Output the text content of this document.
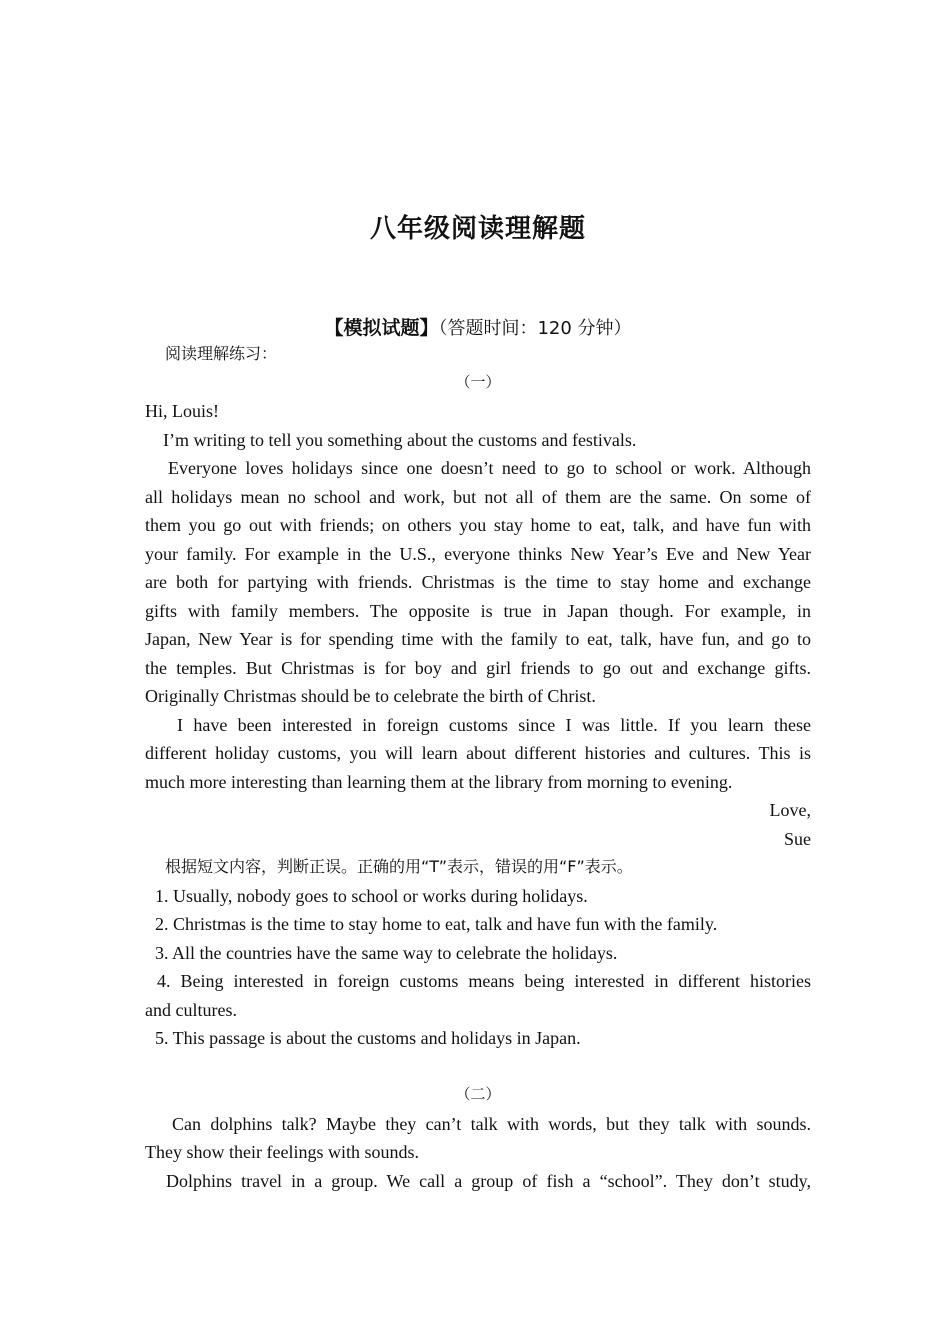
八年级阅读理解题
【模拟试题】（答题时间：120 分钟）
阅读理解练习：
（一）
Hi, Louis!
I’m writing to tell you something about the customs and festivals.
Everyone loves holidays since one doesn’t need to go to school or work. Although
all holidays mean no school and work, but not all of them are the same. On some of
them you go out with friends; on others you stay home to eat, talk, and have fun with
your family. For example in the U.S., everyone thinks New Year’s Eve and New Year
are both for partying with friends. Christmas is the time to stay home and exchange
gifts with family members. The opposite is true in Japan though. For example, in
Japan, New Year is for spending time with the family to eat, talk, have fun, and go to
the temples. But Christmas is for boy and girl friends to go out and exchange gifts.
Originally Christmas should be to celebrate the birth of Christ.
I have been interested in foreign customs since I was little. If you learn these
different holiday customs, you will learn about different histories and cultures. This is
much more interesting than learning them at the library from morning to evening.
Love,
Sue
根据短文内容，判断正误。正确的用“T”表示，错误的用“F”表示。
1. Usually, nobody goes to school or works during holidays.
2. Christmas is the time to stay home to eat, talk and have fun with the family.
3. All the countries have the same way to celebrate the holidays.
4. Being interested in foreign customs means being interested in different histories
and cultures.
5. This passage is about the customs and holidays in Japan.
（二）
Can dolphins talk? Maybe they can’t talk with words, but they talk with sounds.
They show their feelings with sounds.
Dolphins travel in a group. We call a group of fish a “school”. They don’t study,
